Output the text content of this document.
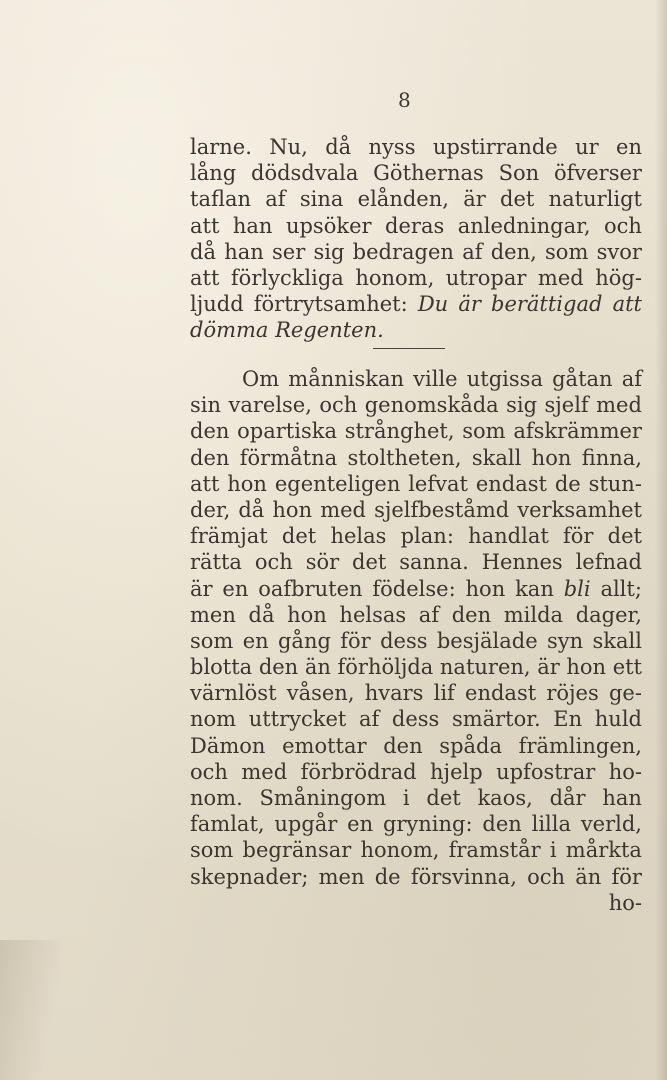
8
larne. Nu, då nyss upstirrande ur en
lång dödsdvala Göthernas Son öfverser
taflan af sina elånden, är det naturligt
att han upsöker deras anledningar, och
då han ser sig bedragen af den, som svor
att förlyckliga honom, utropar med hög-
ljudd förtrytsamhet: Du är berättigad att
dömma Regenten.
Om månniskan ville utgissa gåtan af
sin varelse, och genomskåda sig sjelf med
den opartiska strånghet, som afskrämmer
den förmåtna stoltheten, skall hon finna,
att hon egenteligen lefvat endast de stun-
der, då hon med sjelfbeståmd verksamhet
främjat det helas plan: handlat för det
rätta och sör det sanna. Hennes lefnad
är en oafbruten födelse: hon kan bli allt;
men då hon helsas af den milda dager,
som en gång för dess besjälade syn skall
blotta den än förhöljda naturen, är hon ett
värnlöst våsen, hvars lif endast röjes ge-
nom uttrycket af dess smärtor. En huld
Dämon emottar den spåda främlingen,
och med förbrödrad hjelp upfostrar ho-
nom. Småningom i det kaos, dår han
famlat, upgår en gryning: den lilla verld,
som begränsar honom, framstår i mårkta
skepnader; men de försvinna, och än för
ho-
